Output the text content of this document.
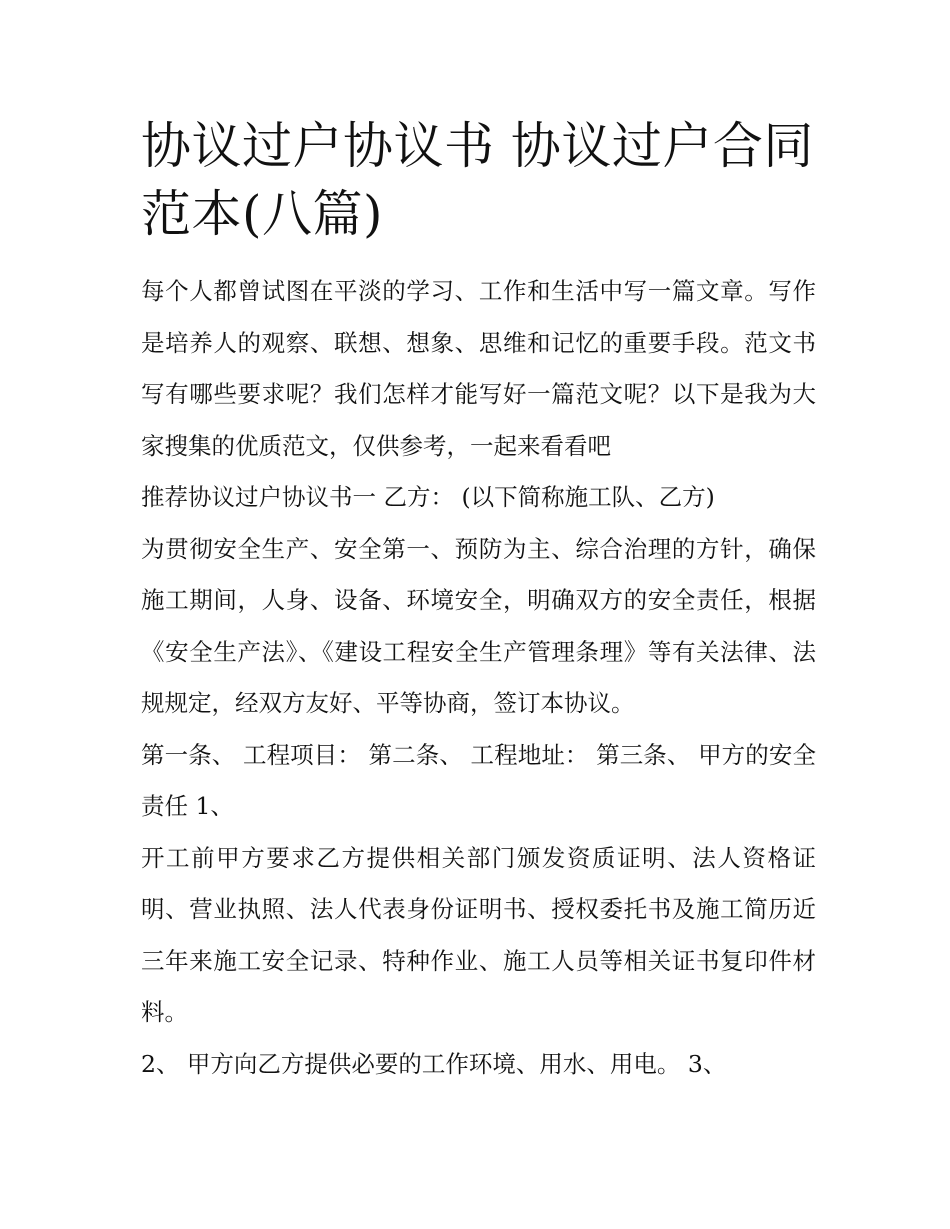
协议过户协议书 协议过户合同范本(八篇)

每个人都曾试图在平淡的学习、工作和生活中写一篇文章。写作是培养人的观察、联想、想象、思维和记忆的重要手段。范文书写有哪些要求呢？我们怎样才能写好一篇范文呢？以下是我为大家搜集的优质范文，仅供参考，一起来看看吧

推荐协议过户协议书一 乙方： (以下简称施工队、乙方)

为贯彻安全生产、安全第一、预防为主、综合治理的方针，确保施工期间，人身、设备、环境安全，明确双方的安全责任，根据《安全生产法》、《建设工程安全生产管理条理》等有关法律、法规规定，经双方友好、平等协商，签订本协议。

第一条、 工程项目： 第二条、 工程地址： 第三条、 甲方的安全责任 1、

开工前甲方要求乙方提供相关部门颁发资质证明、法人资格证明、营业执照、法人代表身份证明书、授权委托书及施工简历近三年来施工安全记录、特种作业、施工人员等相关证书复印件材料。

2、 甲方向乙方提供必要的工作环境、用水、用电。 3、
